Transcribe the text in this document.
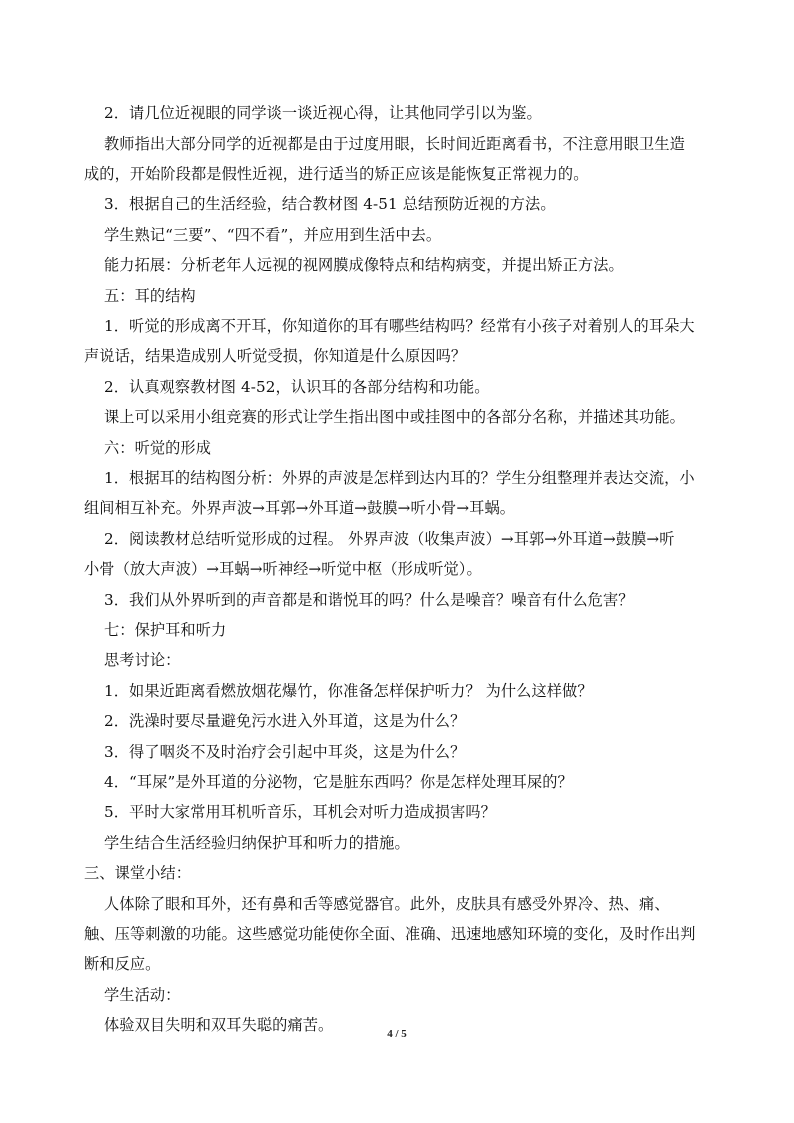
2．请几位近视眼的同学谈一谈近视心得，让其他同学引以为鉴。
教师指出大部分同学的近视都是由于过度用眼，长时间近距离看书，不注意用眼卫生造
成的，开始阶段都是假性近视，进行适当的矫正应该是能恢复正常视力的。
3．根据自己的生活经验，结合教材图 4-51 总结预防近视的方法。
学生熟记“三要”、“四不看”，并应用到生活中去。
能力拓展：分析老年人远视的视网膜成像特点和结构病变，并提出矫正方法。
五：耳的结构
1．听觉的形成离不开耳，你知道你的耳有哪些结构吗？经常有小孩子对着别人的耳朵大
声说话，结果造成别人听觉受损，你知道是什么原因吗？
2．认真观察教材图 4-52，认识耳的各部分结构和功能。
课上可以采用小组竞赛的形式让学生指出图中或挂图中的各部分名称，并描述其功能。
六：听觉的形成
1．根据耳的结构图分析：外界的声波是怎样到达内耳的？学生分组整理并表达交流，小
组间相互补充。外界声波→耳郭→外耳道→鼓膜→听小骨→耳蜗。
2．阅读教材总结听觉形成的过程。 外界声波（收集声波）→耳郭→外耳道→鼓膜→听
小骨（放大声波）→耳蜗→听神经→听觉中枢（形成听觉）。
3．我们从外界听到的声音都是和谐悦耳的吗？什么是噪音？噪音有什么危害？
七：保护耳和听力
思考讨论：
1．如果近距离看燃放烟花爆竹，你准备怎样保护听力？ 为什么这样做？
2．洗澡时要尽量避免污水进入外耳道，这是为什么？
3．得了咽炎不及时治疗会引起中耳炎，这是为什么？
4．“耳屎”是外耳道的分泌物，它是脏东西吗？你是怎样处理耳屎的？
5．平时大家常用耳机听音乐，耳机会对听力造成损害吗？
学生结合生活经验归纳保护耳和听力的措施。
三、课堂小结：
人体除了眼和耳外，还有鼻和舌等感觉器官。此外，皮肤具有感受外界冷、热、痛、
触、压等刺激的功能。这些感觉功能使你全面、准确、迅速地感知环境的变化，及时作出判
断和反应。
学生活动：
体验双目失明和双耳失聪的痛苦。	4 / 5
